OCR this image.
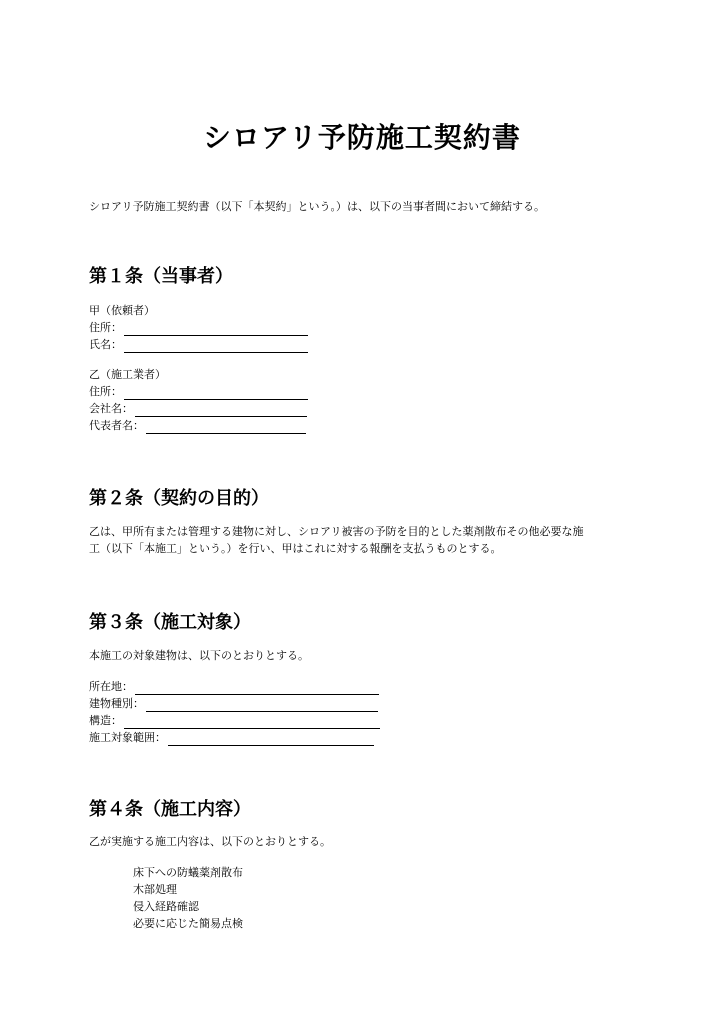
シロアリ予防施工契約書

シロアリ予防施工契約書（以下「本契約」という。）は、以下の当事者間において締結する。

第１条（当事者）
甲（依頼者）
住所：
氏名：
乙（施工業者）
住所：
会社名：
代表者名：
第２条（契約の目的）
乙は、甲所有または管理する建物に対し、シロアリ被害の予防を目的とした薬剤散布その他必要な施
工（以下「本施工」という。）を行い、甲はこれに対する報酬を支払うものとする。
第３条（施工対象）
本施工の対象建物は、以下のとおりとする。
所在地：
建物種別：
構造：
施工対象範囲：
第４条（施工内容）
乙が実施する施工内容は、以下のとおりとする。
床下への防蟻薬剤散布
木部処理
侵入経路確認
必要に応じた簡易点検
